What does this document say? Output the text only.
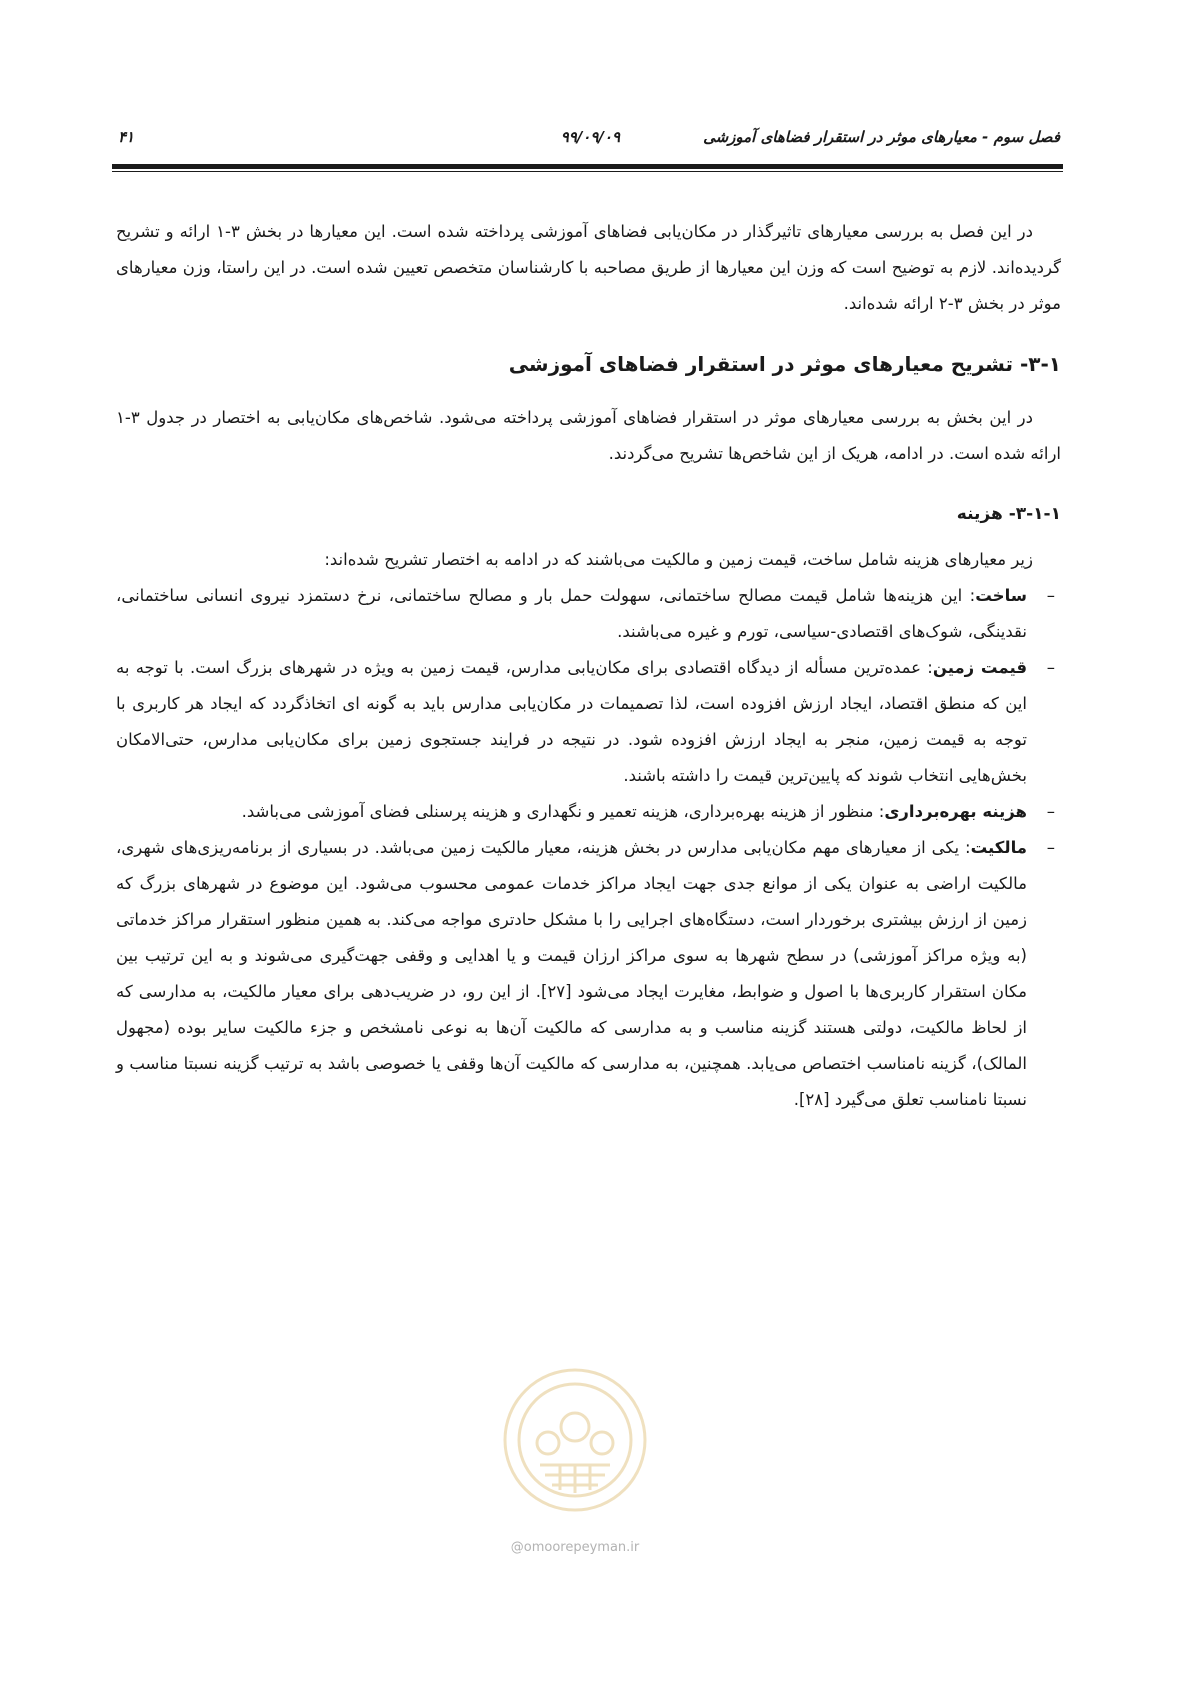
فصل سوم - معیارهای موثر در استقرار فضاهای آموزشی
۹۹/۰۹/۰۹
۴۱

در این فصل به بررسی معیارهای تاثیرگذار در مکان‌یابی فضاهای آموزشی پرداخته شده است. این معیارها در بخش ۳-۱ ارائه و تشریح گردیده‌اند. لازم به توضیح است که وزن این معیارها از طریق مصاحبه با کارشناسان متخصص تعیین شده است. در این راستا، وزن معیارهای موثر در بخش ۳-۲ ارائه شده‌اند.

۳-۱- تشریح معیارهای موثر در استقرار فضاهای آموزشی

در این بخش به بررسی معیارهای موثر در استقرار فضاهای آموزشی پرداخته می‌شود. شاخص‌های مکان‌یابی به اختصار در جدول ۳-۱ ارائه شده است. در ادامه، هریک از این شاخص‌ها تشریح می‌گردند.

۳-۱-۱- هزینه

زیر معیارهای هزینه شامل ساخت، قیمت زمین و مالکیت می‌باشند که در ادامه به اختصار تشریح شده‌اند:

–
ساخت: این هزینه‌ها شامل قیمت مصالح ساختمانی، سهولت حمل بار و مصالح ساختمانی، نرخ دستمزد نیروی انسانی ساختمانی، نقدینگی، شوک‌های اقتصادی-سیاسی، تورم و غیره می‌باشند.
–
قیمت زمین: عمده‌ترین مسأله از دیدگاه اقتصادی برای مکان‌یابی مدارس، قیمت زمین به ویژه در شهرهای بزرگ است. با توجه به این که منطق اقتصاد، ایجاد ارزش افزوده است، لذا تصمیمات در مکان‌یابی مدارس باید به گونه ای اتخاذگردد که ایجاد هر کاربری با توجه به قیمت زمین، منجر به ایجاد ارزش افزوده شود. در نتیجه در فرایند جستجوی زمین برای مکان‌یابی مدارس، حتی‌الامکان بخش‌هایی انتخاب شوند که پایین‌ترین قیمت را داشته باشند.
–
هزینه بهره‌برداری: منظور از هزینه بهره‌برداری، هزینه تعمیر و نگهداری و هزینه پرسنلی فضای آموزشی می‌باشد.
–
مالکیت: یکی از معیارهای مهم مکان‌یابی مدارس در بخش هزینه، معیار مالکیت زمین می‌باشد. در بسیاری از برنامه‌ریزی‌های شهری، مالکیت اراضی به عنوان یکی از موانع جدی جهت ایجاد مراکز خدمات عمومی محسوب می‌شود. این موضوع در شهرهای بزرگ که زمین از ارزش بیشتری برخوردار است، دستگاه‌های اجرایی را با مشکل حادتری مواجه می‌کند. به همین منظور استقرار مراکز خدماتی (به ویژه مراکز آموزشی) در سطح شهرها به سوی مراکز ارزان قیمت و یا اهدایی و وقفی جهت‌گیری می‌شوند و به این ترتیب بین مکان استقرار کاربری‌ها با اصول و ضوابط، مغایرت ایجاد می‌شود [۲۷]. از این رو، در ضریب‌دهی برای معیار مالکیت، به مدارسی که از لحاظ مالکیت، دولتی هستند گزینه مناسب و به مدارسی که مالکیت آن‌ها به نوعی نامشخص و جزء مالکیت سایر بوده (مجهول المالک)، گزینه نامناسب اختصاص می‌یابد. همچنین، به مدارسی که مالکیت آن‌ها وقفی یا خصوصی باشد به ترتیب گزینه نسبتا مناسب و نسبتا نامناسب تعلق می‌گیرد [۲۸].
@omoorepeyman.ir
